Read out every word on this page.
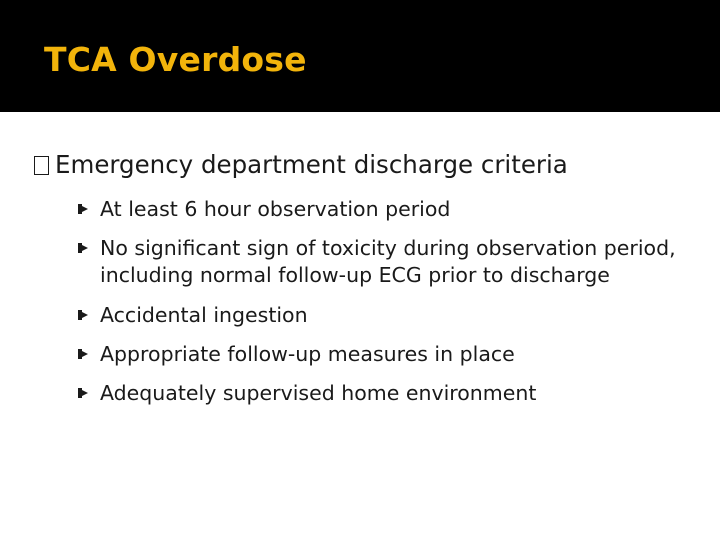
TCA Overdose
Emergency department discharge criteria
At least 6 hour observation period
No significant sign of toxicity during observation period, including normal follow-up ECG prior to discharge
Accidental ingestion
Appropriate follow-up measures in place
Adequately supervised home environment
